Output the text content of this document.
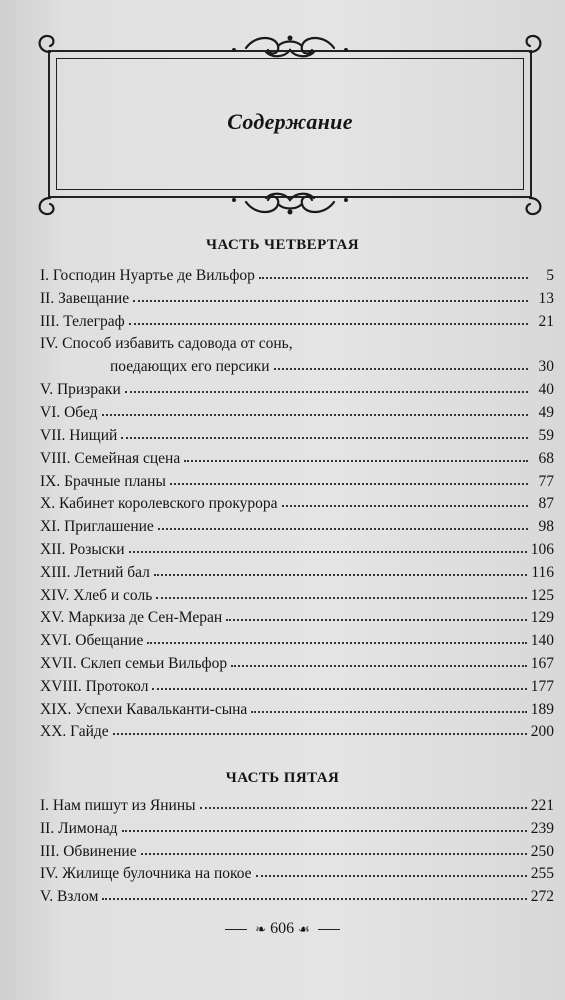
Содержание
ЧАСТЬ ЧЕТВЕРТАЯ
I. Господин Нуартье де Вильфор	5
II. Завещание	13
III. Телеграф	21
IV. Способ избавить садовода от сонь,
поедающих его персики	30
V. Призраки	40
VI. Обед	49
VII. Нищий	59
VIII. Семейная сцена	68
IX. Брачные планы	77
X. Кабинет королевского прокурора	87
XI. Приглашение	98
XII. Розыски	106
XIII. Летний бал	116
XIV. Хлеб и соль	125
XV. Маркиза де Сен-Меран	129
XVI. Обещание	140
XVII. Склеп семьи Вильфор	167
XVIII. Протокол	177
XIX. Успехи Кавальканти-сына	189
XX. Гайде	200
ЧАСТЬ ПЯТАЯ
I. Нам пишут из Янины	221
II. Лимонад	239
III. Обвинение	250
IV. Жилище булочника на покое	255
V. Взлом	272
❧ 606 ☙
